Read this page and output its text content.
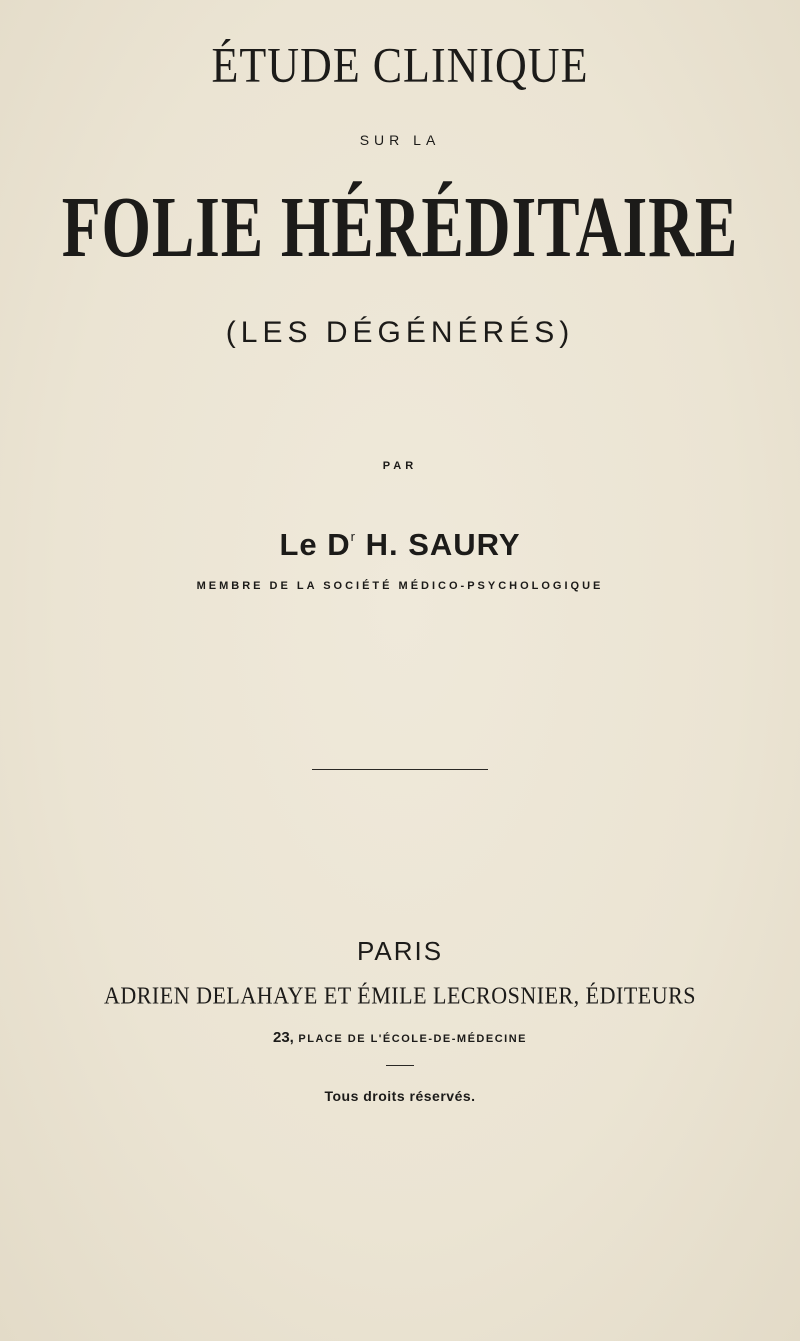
ÉTUDE CLINIQUE
SUR LA
FOLIE HÉRÉDITAIRE
(LES DÉGÉNÉRÉS)
PAR
Le $D^r$ H. SAURY
MEMBRE DE LA SOCIÉTÉ MÉDICO-PSYCHOLOGIQUE
PARIS
ADRIEN DELAHAYE ET ÉMILE LECROSNIER, ÉDITEURS
23, PLACE DE L'ÉCOLE-DE-MÉDECINE
Tous droits réservés.
